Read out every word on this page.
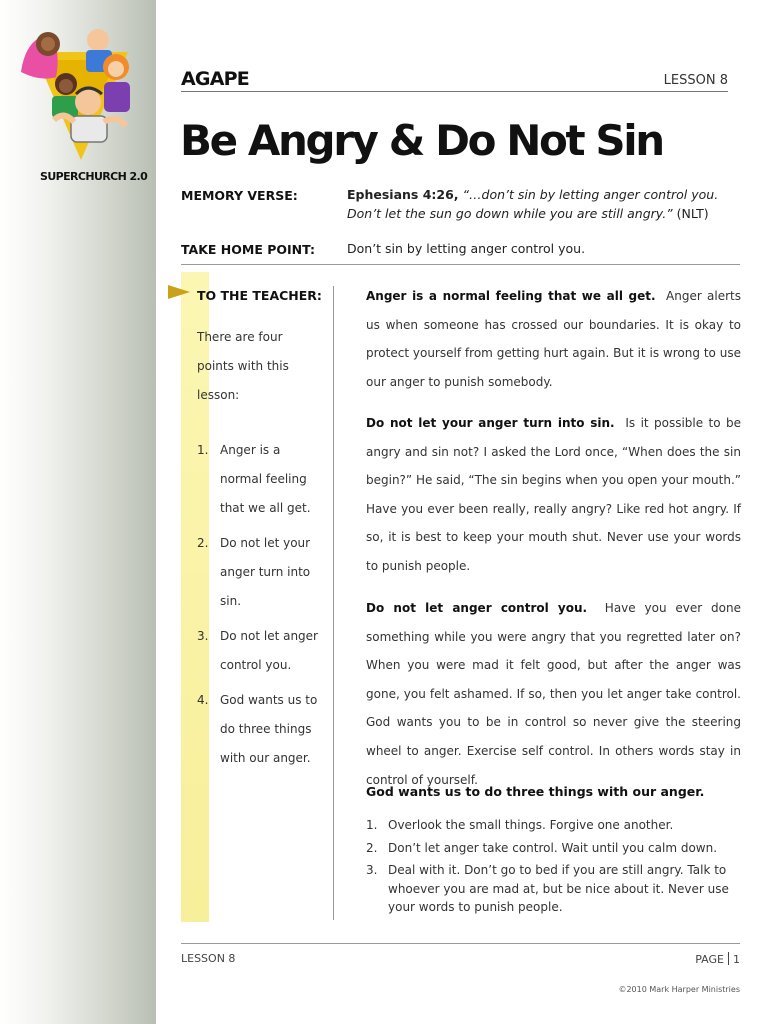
SUPERCHURCH 2.0
AGAPE	LESSON 8
Be Angry & Do Not Sin
MEMORY VERSE:	Ephesians 4:26, “…don’t sin by letting anger control you. Don’t let the sun go down while you are still angry.” (NLT)
TAKE HOME POINT:	Don’t sin by letting anger control you.
TO THE TEACHER:

There are four points with this lesson:

1. Anger is a normal feeling that we all get.
2. Do not let your anger turn into sin.
3. Do not let anger control you.
4. God wants us to do three things with our anger.

Anger is a normal feeling that we all get. Anger alerts us when someone has crossed our boundaries. It is okay to protect yourself from getting hurt again. But it is wrong to use our anger to punish somebody.

Do not let your anger turn into sin. Is it possible to be angry and sin not? I asked the Lord once, “When does the sin begin?” He said, “The sin begins when you open your mouth.” Have you ever been really, really angry? Like red hot angry. If so, it is best to keep your mouth shut. Never use your words to punish people.

Do not let anger control you. Have you ever done something while you were angry that you regretted later on? When you were mad it felt good, but after the anger was gone, you felt ashamed. If so, then you let anger take control. God wants you to be in control so never give the steering wheel to anger. Exercise self control. In others words stay in control of yourself.

God wants us to do three things with our anger.
1. Overlook the small things. Forgive one another.
2. Don’t let anger take control. Wait until you calm down.
3. Deal with it. Don’t go to bed if you are still angry. Talk to whoever you are mad at, but be nice about it. Never use your words to punish people.
LESSON 8	PAGE 1
©2010 Mark Harper Ministries
